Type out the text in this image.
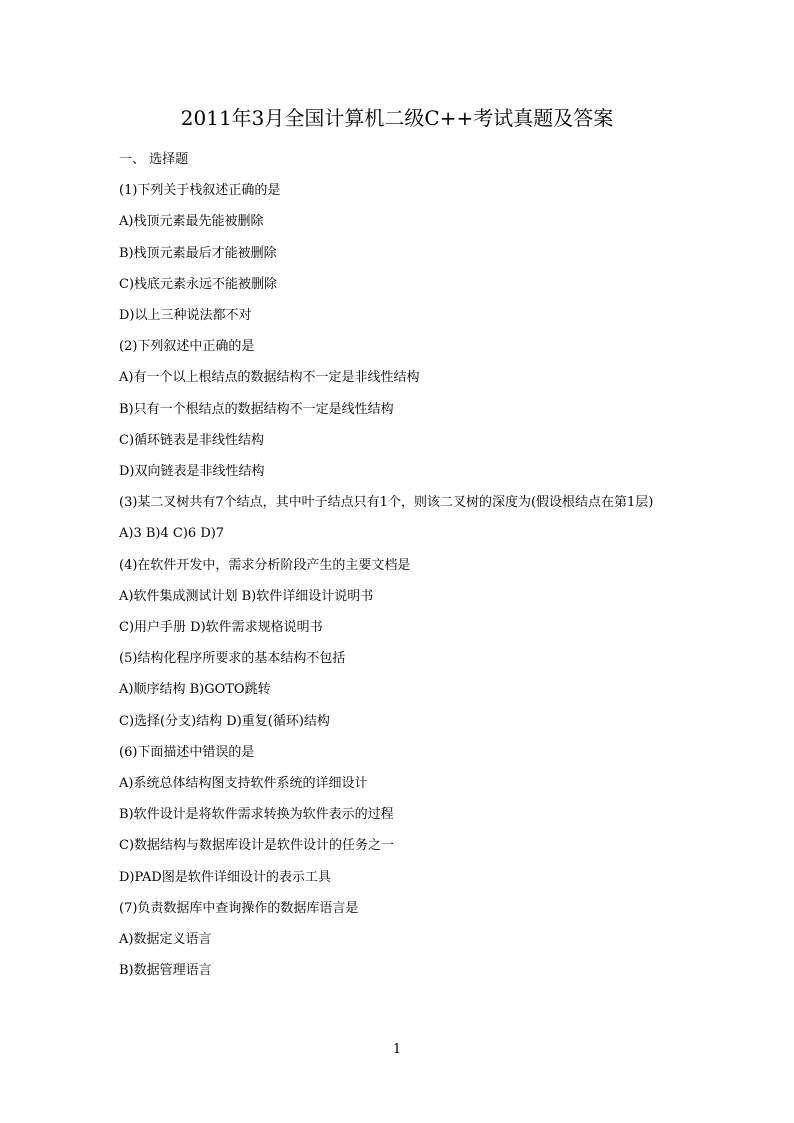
2011年3月全国计算机二级C++考试真题及答案
一、 选择题
(1)下列关于栈叙述正确的是
A)栈顶元素最先能被删除
B)栈顶元素最后才能被删除
C)栈底元素永远不能被删除
D)以上三种说法都不对
(2)下列叙述中正确的是
A)有一个以上根结点的数据结构不一定是非线性结构
B)只有一个根结点的数据结构不一定是线性结构
C)循环链表是非线性结构
D)双向链表是非线性结构
(3)某二叉树共有7个结点，其中叶子结点只有1个，则该二叉树的深度为(假设根结点在第1层)
A)3 B)4 C)6 D)7
(4)在软件开发中，需求分析阶段产生的主要文档是
A)软件集成测试计划 B)软件详细设计说明书
C)用户手册 D)软件需求规格说明书
(5)结构化程序所要求的基本结构不包括
A)顺序结构 B)GOTO跳转
C)选择(分支)结构 D)重复(循环)结构
(6)下面描述中错误的是
A)系统总体结构图支持软件系统的详细设计
B)软件设计是将软件需求转换为软件表示的过程
C)数据结构与数据库设计是软件设计的任务之一
D)PAD图是软件详细设计的表示工具
(7)负责数据库中查询操作的数据库语言是
A)数据定义语言
B)数据管理语言
1
